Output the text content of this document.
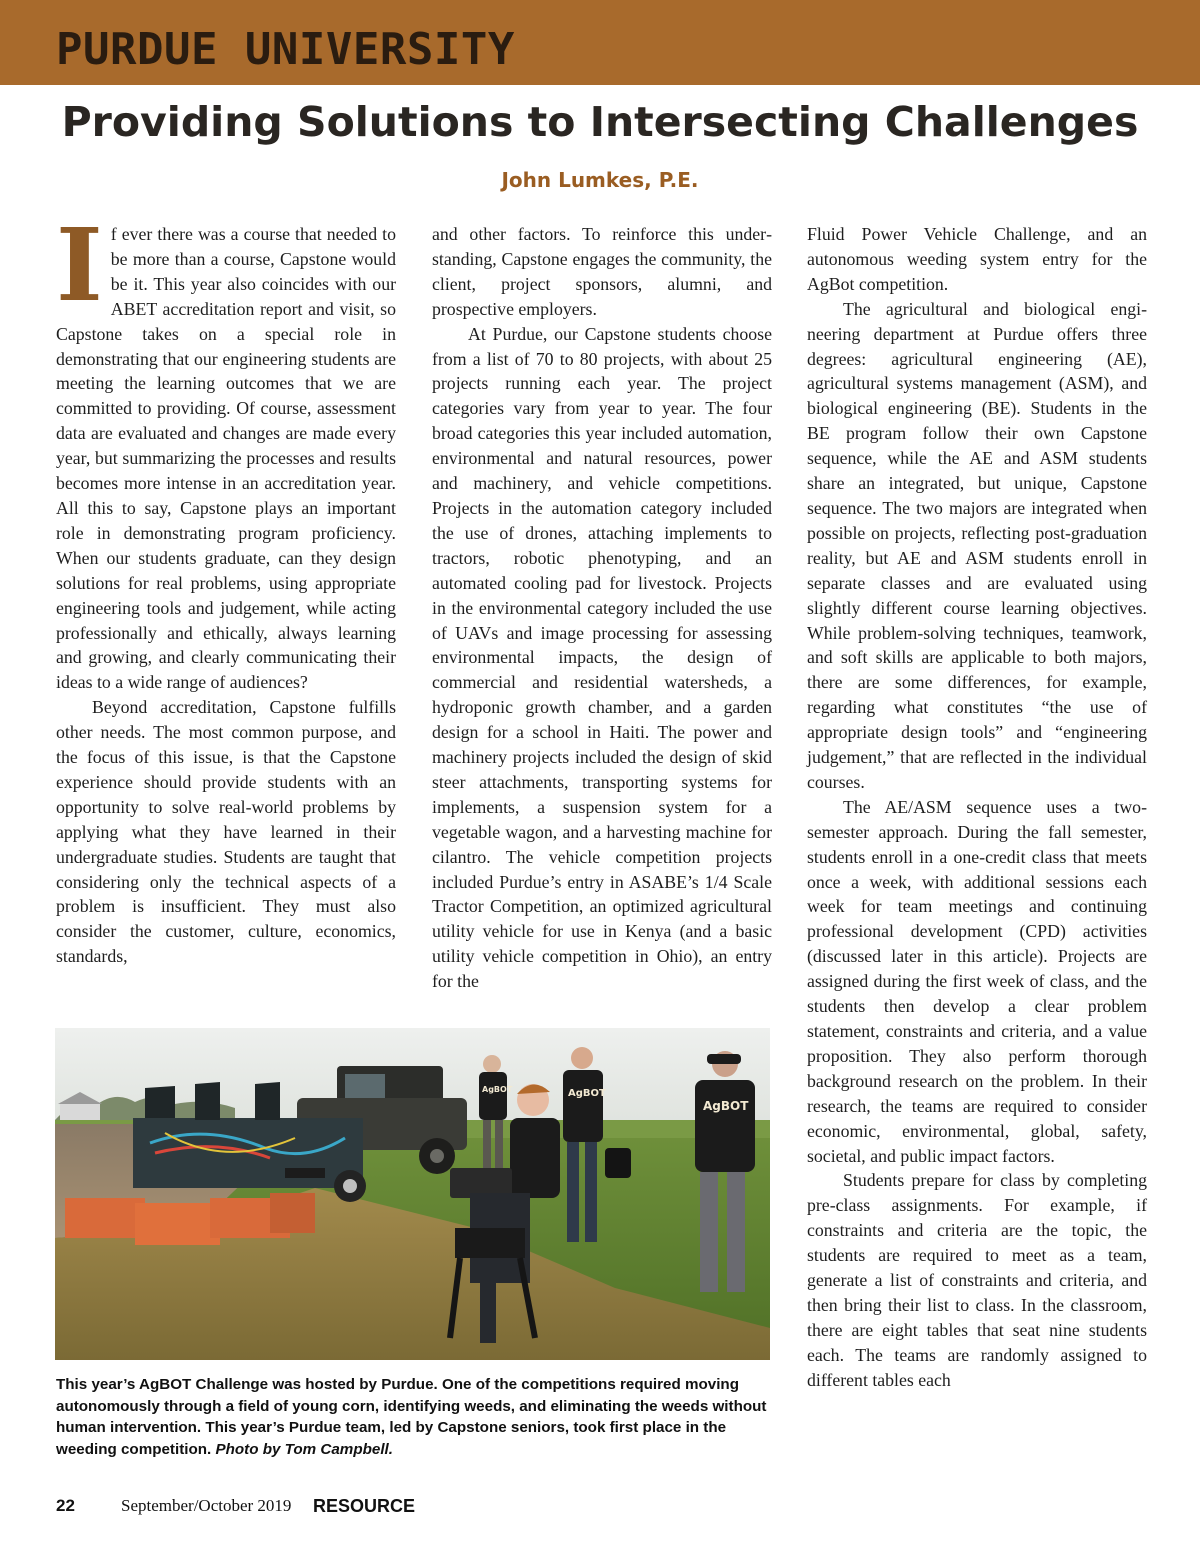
PURDUE UNIVERSITY
Providing Solutions to Intersecting Challenges
John Lumkes, P.E.

If ever there was a course that needed to be more than a course, Capstone would be it. This year also coincides with our ABET accreditation report and visit, so Capstone takes on a special role in demonstrating that our engineering students are meeting the learning outcomes that we are committed to providing. Of course, assessment data are evaluated and changes are made every year, but summarizing the processes and results becomes more intense in an accreditation year. All this to say, Capstone plays an important role in demonstrating program proficiency. When our students graduate, can they design solutions for real problems, using appropriate engineering tools and judgement, while acting professionally and ethically, always learning and growing, and clearly communicating their ideas to a wide range of audiences?

Beyond accreditation, Capstone fulfills other needs. The most common purpose, and the focus of this issue, is that the Capstone experience should provide students with an opportunity to solve real-world problems by applying what they have learned in their undergraduate studies. Students are taught that considering only the technical aspects of a problem is insufficient. They must also consider the customer, culture, economics, standards,

and other factors. To reinforce this understanding, Capstone engages the community, the client, project sponsors, alumni, and prospective employers.

At Purdue, our Capstone students choose from a list of 70 to 80 projects, with about 25 projects running each year. The project categories vary from year to year. The four broad categories this year included automation, environmental and natural resources, power and machinery, and vehicle competitions. Projects in the automation category included the use of drones, attaching implements to tractors, robotic phenotyping, and an automated cooling pad for livestock. Projects in the environmental category included the use of UAVs and image processing for assessing environmental impacts, the design of commercial and residential watersheds, a hydroponic growth chamber, and a garden design for a school in Haiti. The power and machinery projects included the design of skid steer attachments, transporting systems for implements, a suspension system for a vegetable wagon, and a harvesting machine for cilantro. The vehicle competition projects included Purdue’s entry in ASABE’s 1/4 Scale Tractor Competition, an optimized agricultural utility vehicle for use in Kenya (and a basic utility vehicle competition in Ohio), an entry for the

Fluid Power Vehicle Challenge, and an autonomous weeding system entry for the AgBot competition.

The agricultural and biological engineering department at Purdue offers three degrees: agricultural engineering (AE), agricultural systems management (ASM), and biological engineering (BE). Students in the BE program follow their own Capstone sequence, while the AE and ASM students share an integrated, but unique, Capstone sequence. The two majors are integrated when possible on projects, reflecting post-graduation reality, but AE and ASM students enroll in separate classes and are evaluated using slightly different course learning objectives. While problem-solving techniques, teamwork, and soft skills are applicable to both majors, there are some differences, for example, regarding what constitutes “the use of appropriate design tools” and “engineering judgement,” that are reflected in the individual courses.

The AE/ASM sequence uses a two-semester approach. During the fall semester, students enroll in a one-credit class that meets once a week, with additional sessions each week for team meetings and continuing professional development (CPD) activities (discussed later in this article). Projects are assigned during the first week of class, and the students then develop a clear problem statement, constraints and criteria, and a value proposition. They also perform thorough background research on the problem. In their research, the teams are required to consider economic, environmental, global, safety, societal, and public impact factors.

Students prepare for class by completing pre-class assignments. For example, if constraints and criteria are the topic, the students are required to meet as a team, generate a list of constraints and criteria, and then bring their list to class. In the classroom, there are eight tables that seat nine students each. The teams are randomly assigned to different tables each

AgBOT	AgBOT
AgBOT
This year’s AgBOT Challenge was hosted by Purdue. One of the competitions required moving autonomously through a field of young corn, identifying weeds, and eliminating the weeds without human intervention. This year’s Purdue team, led by Capstone seniors, took first place in the weeding competition. Photo by Tom Campbell.
22	September/October 2019 RESOURCE
